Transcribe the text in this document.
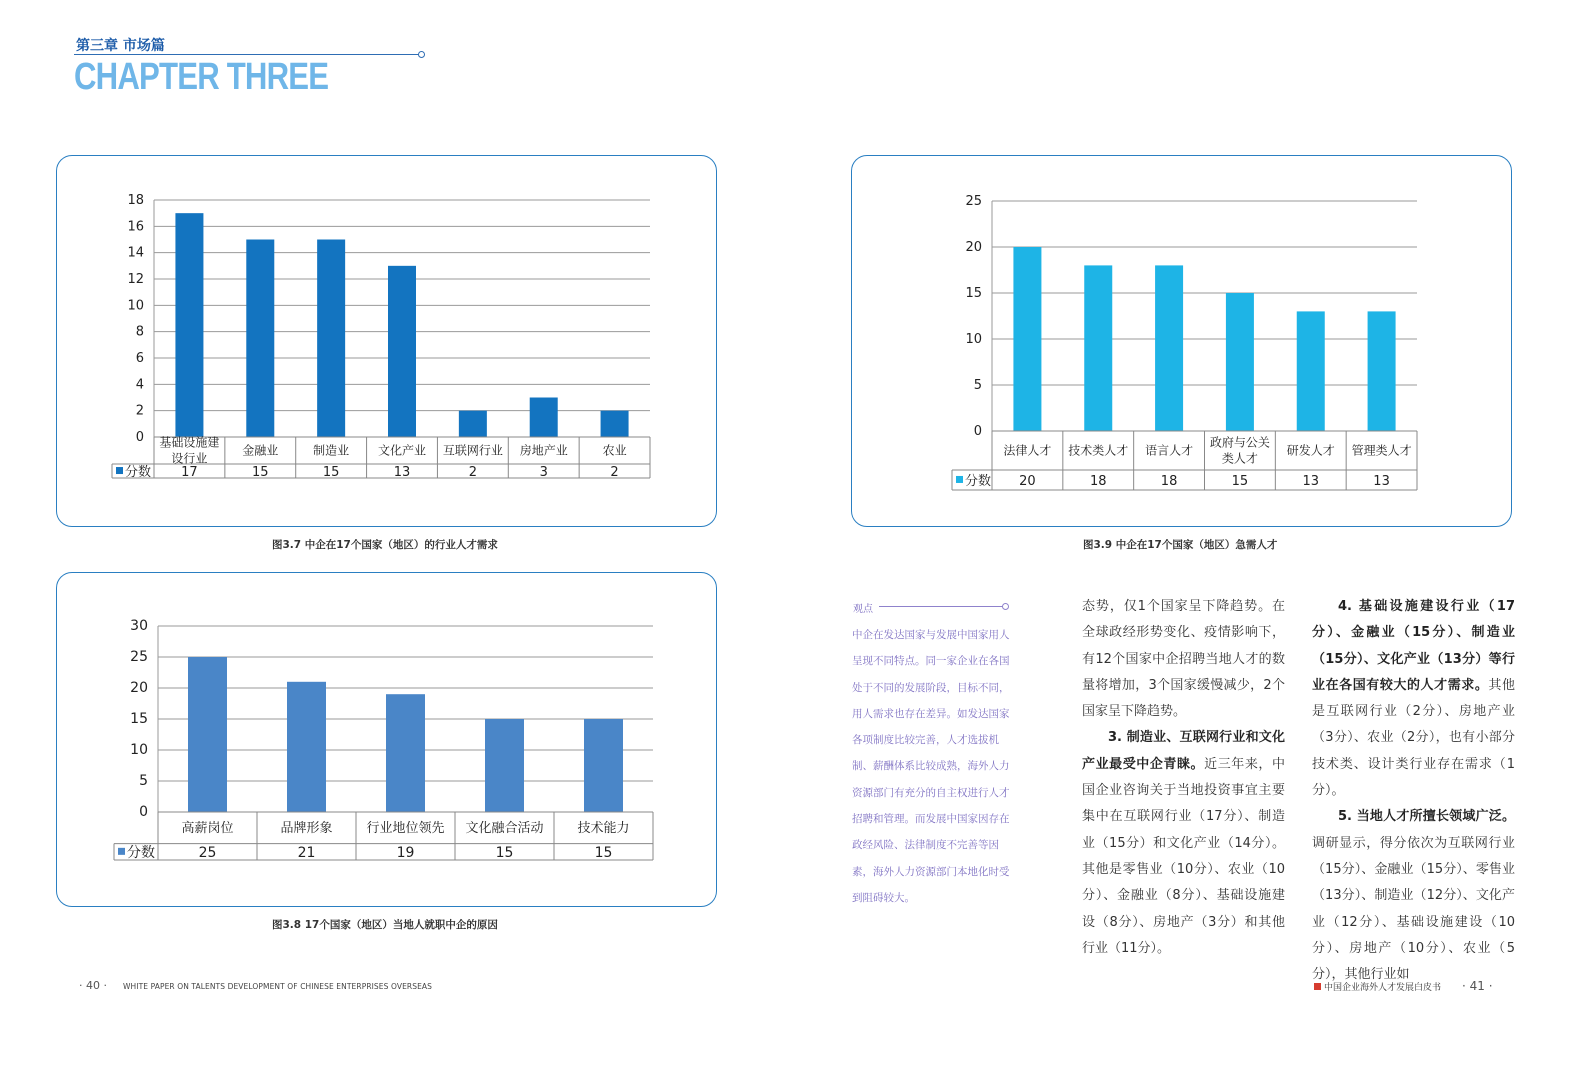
第三章 市场篇
CHAPTER THREE
0
2
4
6
8
10
12
14
16
18
基础设施建
设行业
17
金融业
15
制造业
15
文化产业
13
互联网行业
2
房地产业
3
农业
2
分数
图3.7 中企在17个国家（地区）的行业人才需求
0
5
10
15
20
25
法律人才
20
技术类人才
18
语言人才
18
政府与公关
类人才
15
研发人才
13
管理类人才
13
分数
图3.9 中企在17个国家（地区）急需人才
0
5
10
15
20
25
30
高薪岗位
25
品牌形象
21
行业地位领先
19
文化融合活动
15
技术能力
15
分数
图3.8 17个国家（地区）当地人就职中企的原因
观点
中企在发达国家与发展中国家用人呈现不同特点。同一家企业在各国处于不同的发展阶段，目标不同，用人需求也存在差异。如发达国家各项制度比较完善，人才选拔机制、薪酬体系比较成熟，海外人力资源部门有充分的自主权进行人才招聘和管理。而发展中国家因存在政经风险、法律制度不完善等因素，海外人力资源部门本地化时受到阻碍较大。

态势，仅1个国家呈下降趋势。在全球政经形势变化、疫情影响下，有12个国家中企招聘当地人才的数量将增加，3个国家缓慢减少，2个国家呈下降趋势。

3. 制造业、互联网行业和文化产业最受中企青睐。近三年来，中国企业咨询关于当地投资事宜主要集中在互联网行业（17分）、制造业（15分）和文化产业（14分）。其他是零售业（10分）、农业（10分）、金融业（8分）、基础设施建设（8分）、房地产（3分）和其他行业（11分）。

4. 基础设施建设行业（17分）、金融业（15分）、制造业（15分）、文化产业（13分）等行业在各国有较大的人才需求。其他是互联网行业（2分）、房地产业（3分）、农业（2分），也有小部分技术类、设计类行业存在需求（1分）。

5. 当地人才所擅长领域广泛。调研显示，得分依次为互联网行业（15分）、金融业（15分）、零售业（13分）、制造业（12分）、文化产业（12分）、基础设施建设（10分）、房地产（10分）、农业（5分），其他行业如

· 40 · WHITE PAPER ON TALENTS DEVELOPMENT OF CHINESE ENTERPRISES OVERSEAS	中国企业海外人才发展白皮书 · 41 ·
